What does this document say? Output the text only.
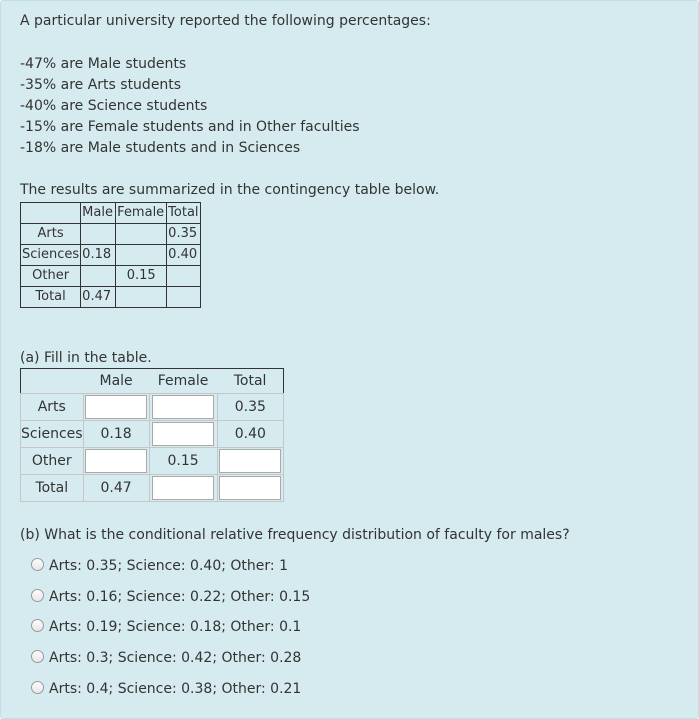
A particular university reported the following percentages:
-47% are Male students
-35% are Arts students
-40% are Science students
-15% are Female students and in Other faculties
-18% are Male students and in Sciences
The results are summarized in the contingency table below.
	Male	Female	Total
Arts			0.35
Sciences	0.18		0.40
Other		0.15	
Total	0.47		
(a) Fill in the table.
	Male	Female	Total
Arts			0.35
Sciences	0.18		0.40
Other		0.15	

Total	0.47	

(b) What is the conditional relative frequency distribution of faculty for males?
Arts: 0.35; Science: 0.40; Other: 1
Arts: 0.16; Science: 0.22; Other: 0.15
Arts: 0.19; Science: 0.18; Other: 0.1
Arts: 0.3; Science: 0.42; Other: 0.28
Arts: 0.4; Science: 0.38; Other: 0.21
